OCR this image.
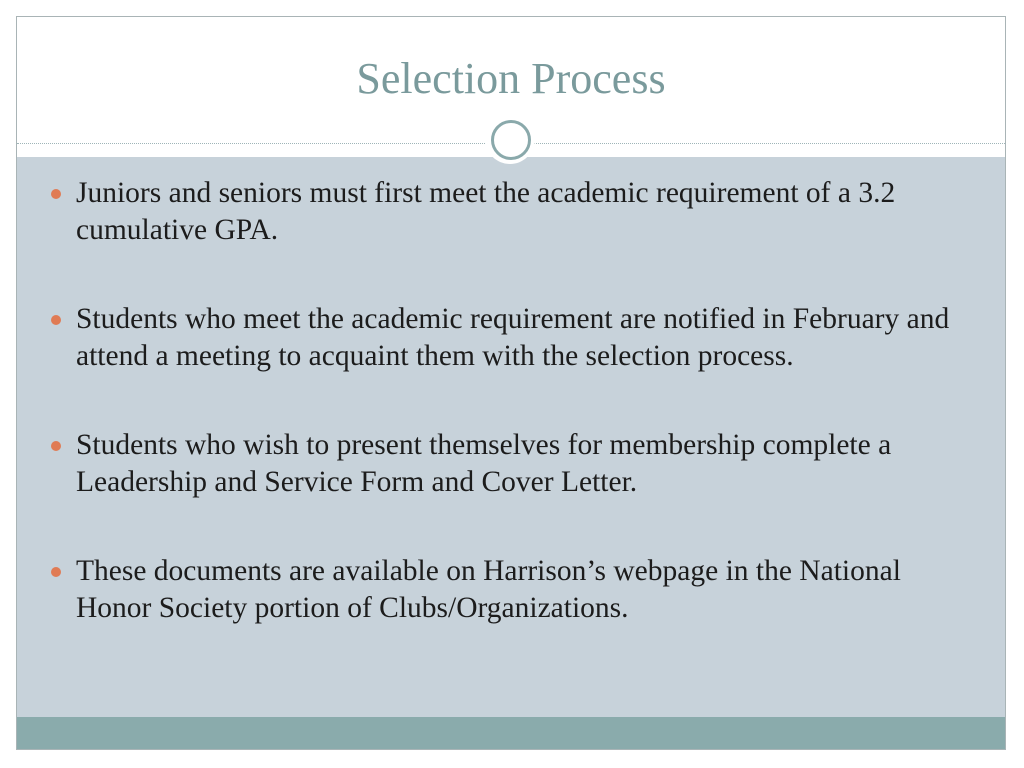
Selection Process
Juniors and seniors must first meet the academic requirement of a 3.2 cumulative GPA.
Students who meet the academic requirement are notified in February and attend a meeting to acquaint them with the selection process.
Students who wish to present themselves for membership complete a Leadership and Service Form and Cover Letter.
These documents are available on Harrison’s webpage in the National Honor Society portion of Clubs/Organizations.
